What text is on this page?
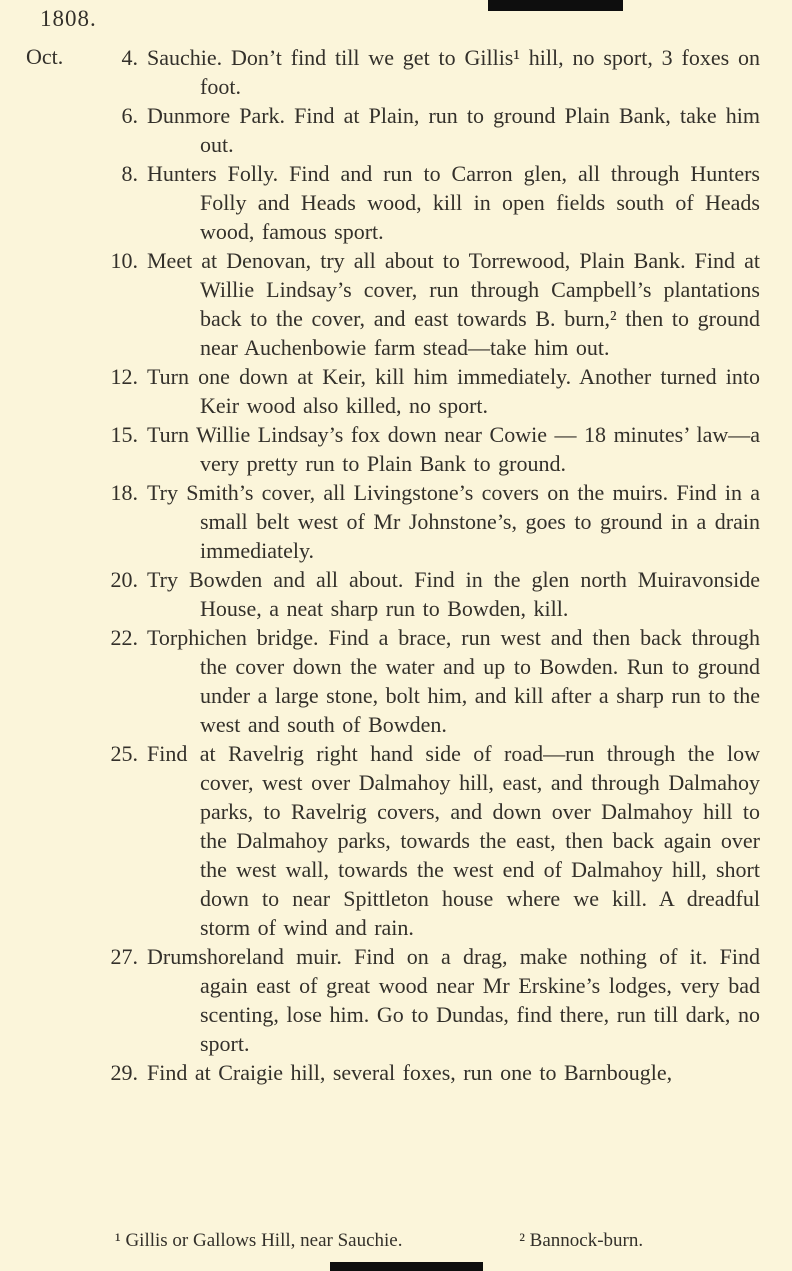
1808.
Oct.	4. Sauchie. Don’t find till we get to Gillis¹ hill, no sport, 3 foxes on foot.

6. Dunmore Park. Find at Plain, run to ground Plain Bank, take him out.

8. Hunters Folly. Find and run to Carron glen, all through Hunters Folly and Heads wood, kill in open fields south of Heads wood, famous sport.

10. Meet at Denovan, try all about to Torrewood, Plain Bank. Find at Willie Lindsay’s cover, run through Campbell’s plantations back to the cover, and east towards B. burn,² then to ground near Auchenbowie farm stead—take him out.

12. Turn one down at Keir, kill him immediately. Another turned into Keir wood also killed, no sport.

15. Turn Willie Lindsay’s fox down near Cowie — 18 minutes’ law—a very pretty run to Plain Bank to ground.

18. Try Smith’s cover, all Livingstone’s covers on the muirs. Find in a small belt west of Mr Johnstone’s, goes to ground in a drain immediately.

20. Try Bowden and all about. Find in the glen north Muiravonside House, a neat sharp run to Bowden, kill.

22. Torphichen bridge. Find a brace, run west and then back through the cover down the water and up to Bowden. Run to ground under a large stone, bolt him, and kill after a sharp run to the west and south of Bowden.

25. Find at Ravelrig right hand side of road—run through the low cover, west over Dalmahoy hill, east, and through Dalmahoy parks, to Ravelrig covers, and down over Dalmahoy hill to the Dalmahoy parks, towards the east, then back again over the west wall, towards the west end of Dalmahoy hill, short down to near Spittleton house where we kill. A dreadful storm of wind and rain.

27. Drumshoreland muir. Find on a drag, make nothing of it. Find again east of great wood near Mr Erskine’s lodges, very bad scenting, lose him. Go to Dundas, find there, run till dark, no sport.

29. Find at Craigie hill, several foxes, run one to Barnbougle,

¹ Gillis or Gallows Hill, near Sauchie.	² Bannock-burn.
